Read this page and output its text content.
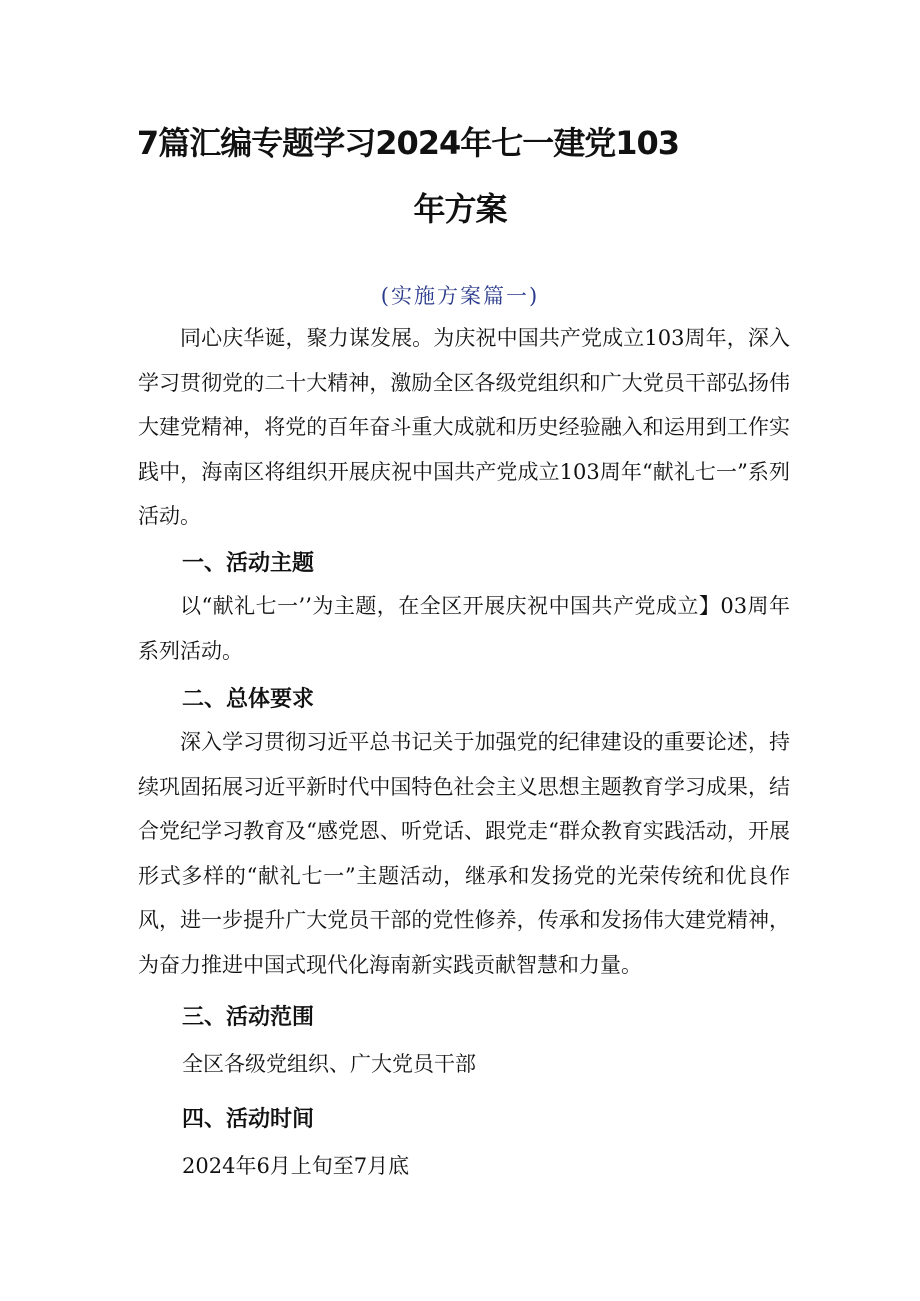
7篇汇编专题学习2024年七一建党103
年方案
(实施方案篇一)

同心庆华诞，聚力谋发展。为庆祝中国共产党成立103周年，深入学习贯彻党的二十大精神，激励全区各级党组织和广大党员干部弘扬伟大建党精神，将党的百年奋斗重大成就和历史经验融入和运用到工作实践中，海南区将组织开展庆祝中国共产党成立103周年“献礼七一”系列活动。

一、活动主题

以“献礼七一’’为主题，在全区开展庆祝中国共产党成立】03周年系列活动。

二、总体要求

深入学习贯彻习近平总书记关于加强党的纪律建设的重要论述，持续巩固拓展习近平新时代中国特色社会主义思想主题教育学习成果，结合党纪学习教育及“感党恩、听党话、跟党走“群众教育实践活动，开展形式多样的“献礼七一”主题活动，继承和发扬党的光荣传统和优良作风，进一步提升广大党员干部的党性修养，传承和发扬伟大建党精神，为奋力推进中国式现代化海南新实践贡献智慧和力量。

三、活动范围

全区各级党组织、广大党员干部

四、活动时间

2024年6月上旬至7月底
